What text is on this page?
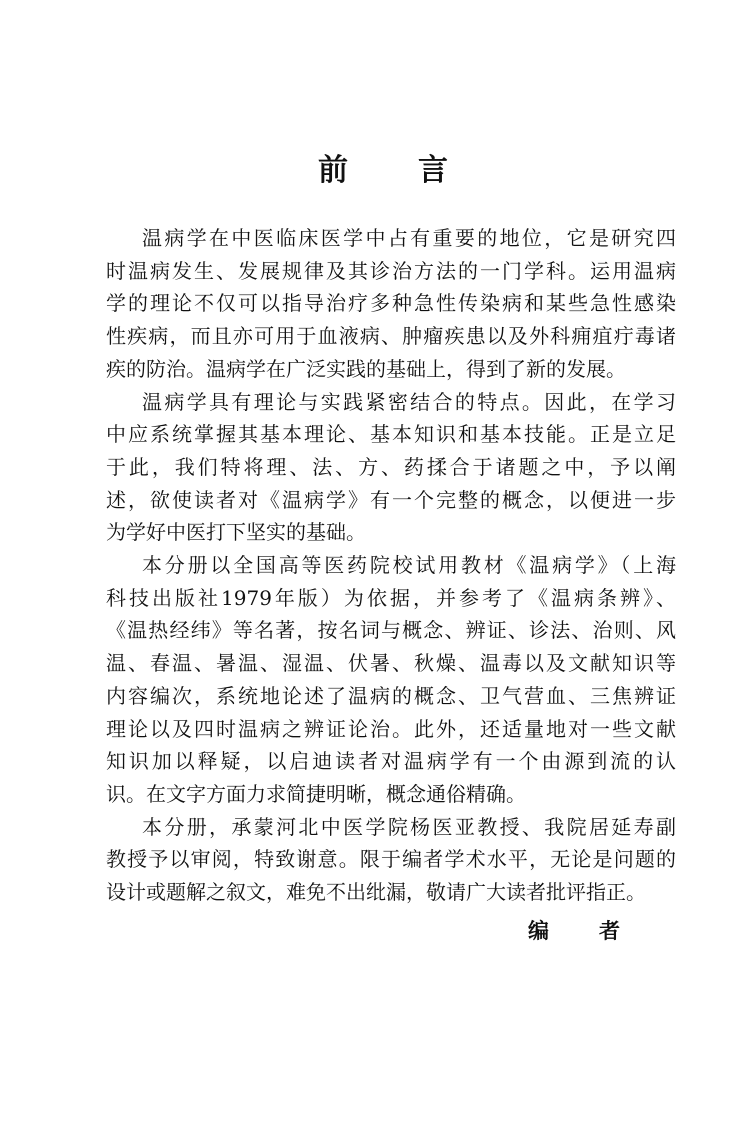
前 言
温病学在中医临床医学中占有重要的地位，它是研究四
时温病发生、发展规律及其诊治方法的一门学科。运用温病
学的理论不仅可以指导治疗多种急性传染病和某些急性感染
性疾病，而且亦可用于血液病、肿瘤疾患以及外科痈疽疔毒诸
疾的防治。温病学在广泛实践的基础上，得到了新的发展。
温病学具有理论与实践紧密结合的特点。因此，在学习
中应系统掌握其基本理论、基本知识和基本技能。正是立足
于此，我们特将理、法、方、药揉合于诸题之中，予以阐
述，欲使读者对《温病学》有一个完整的概念，以便进一步
为学好中医打下坚实的基础。
本分册以全国高等医药院校试用教材《温病学》（上海
科技出版社1979年版）为依据，并参考了《温病条辨》、
《温热经纬》等名著，按名词与概念、辨证、诊法、治则、风
温、春温、暑温、湿温、伏暑、秋燥、温毒以及文献知识等
内容编次，系统地论述了温病的概念、卫气营血、三焦辨证
理论以及四时温病之辨证论治。此外，还适量地对一些文献
知识加以释疑，以启迪读者对温病学有一个由源到流的认
识。在文字方面力求简捷明晰，概念通俗精确。
本分册，承蒙河北中医学院杨医亚教授、我院居延寿副
教授予以审阅，特致谢意。限于编者学术水平，无论是问题的
设计或题解之叙文，难免不出纰漏，敬请广大读者批评指正。
编 者
